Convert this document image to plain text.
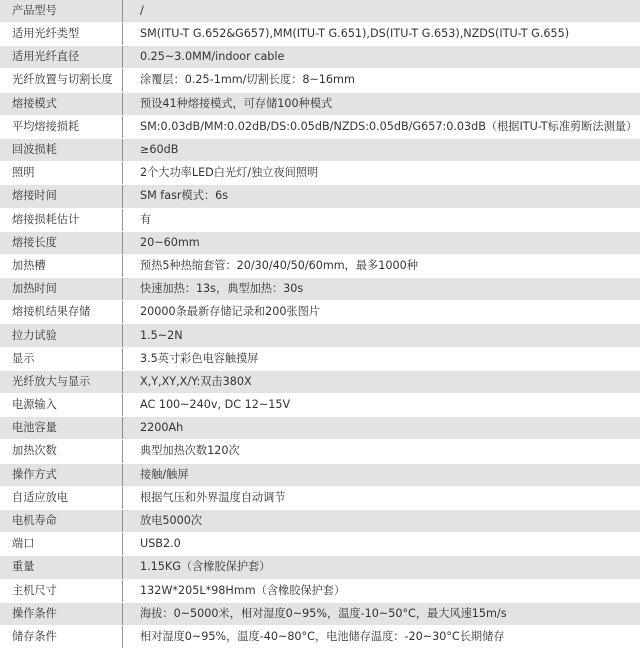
产品型号	/
适用光纤类型	SM(ITU-T G.652&G657),MM(ITU-T G.651),DS(ITU-T G.653),NZDS(ITU-T G.655)
适用光纤直径	0.25~3.0MM/indoor cable
光纤放置与切割长度	涂覆层：0.25-1mm/切割长度：8~16mm
熔接模式	预设41种熔接模式，可存储100种模式
平均熔接损耗	SM:0.03dB/MM:0.02dB/DS:0.05dB/NZDS:0.05dB/G657:0.03dB（根据ITU-T标准剪断法测量）
回波损耗	≥60dB
照明	2个大功率LED白光灯/独立夜间照明
熔接时间	SM fasr模式：6s
熔接损耗估计	有
熔接长度	20~60mm
加热槽	预热5种热缩套管：20/30/40/50/60mm，最多1000种
加热时间	快速加热：13s，典型加热：30s
熔接机结果存储	20000条最新存储记录和200张图片
拉力试验	1.5~2N
显示	3.5英寸彩色电容触摸屏
光纤放大与显示	X,Y,XY,X/Y:双击380X
电源输入	AC 100~240v, DC 12~15V
电池容量	2200Ah
加热次数	典型加热次数120次
操作方式	接触/触屏
自适应放电	根据气压和外界温度自动调节
电机寿命	放电5000次
端口	USB2.0
重量	1.15KG（含橡胶保护套）
主机尺寸	132W*205L*98Hmm（含橡胶保护套）
操作条件	海拔：0~5000米，相对湿度0~95%，温度-10~50°C，最大风速15m/s
储存条件	相对湿度0~95%，温度-40~80°C，电池储存温度：-20~30°C长期储存
